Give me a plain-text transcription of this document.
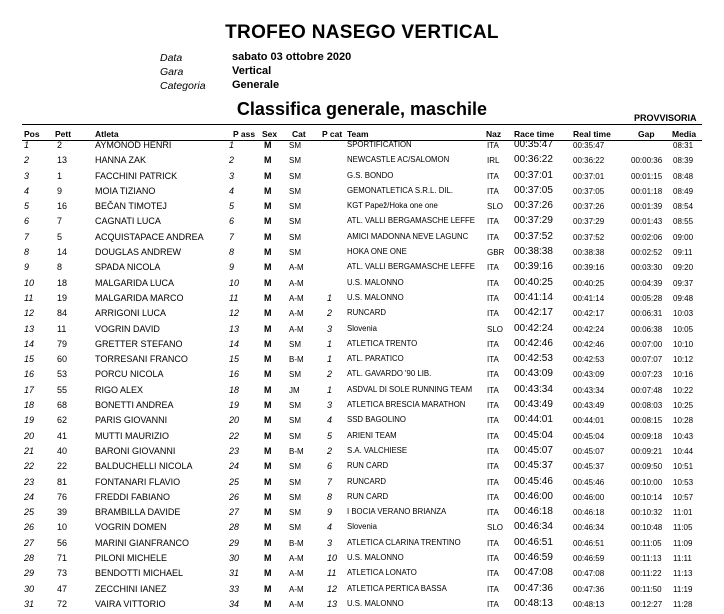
TROFEO NASEGO VERTICAL
Data	sabato 03 ottobre 2020
Gara	Vertical
Categoria Generale
Classifica generale, maschile	PROVVISORIA
Pos Pett	Atleta	P ass Sex Cat P cat Team	Naz Race time Real time	Gap Media
1	2	AYMONOD HENRI	1	M SM	SPORTIFICATION	ITA 00:35:47	00:35:47	08:31
2	13	HANNA ZAK	2	M SM	NEWCASTLE AC/SALOMON	IRL 00:36:22	00:36:22	00:00:36 08:39
3	1	FACCHINI PATRICK	3	M SM	G.S. BONDO	ITA 00:37:01	00:37:01	00:01:15 08:48
4	9	MOIA TIZIANO	4	M SM	GEMONATLETICA S.R.L. DIL.	ITA 00:37:05	00:37:05	00:01:18 08:49
5	16	BEČAN TIMOTEJ	5	M SM	KGT Papež/Hoka one one	SLO 00:37:26	00:37:26	00:01:39 08:54
6	7	CAGNATI LUCA	6	M SM	ATL. VALLI BERGAMASCHE LEFFE	ITA 00:37:29	00:37:29	00:01:43 08:55
7	5	ACQUISTAPACE ANDREA	7	M SM	AMICI MADONNA NEVE LAGUNC	ITA 00:37:52	00:37:52	00:02:06 09:00
8	14	DOUGLAS ANDREW	8	M SM	HOKA ONE ONE	GBR 00:38:38	00:38:38	00:02:52 09:11
9	8	SPADA NICOLA	9	M A-M	ATL. VALLI BERGAMASCHE LEFFE	ITA 00:39:16	00:39:16	00:03:30 09:20
10	18	MALGARIDA LUCA	10	M A-M	U.S. MALONNO	ITA 00:40:25	00:40:25	00:04:39 09:37
11	19	MALGARIDA MARCO	11	M A-M	1 U.S. MALONNO	ITA 00:41:14	00:41:14	00:05:28 09:48
12	84	ARRIGONI LUCA	12	M A-M	2 RUNCARD	ITA 00:42:17	00:42:17	00:06:31 10:03
13	11	VOGRIN DAVID	13	M A-M	3 Slovenia	SLO 00:42:24	00:42:24	00:06:38 10:05
14	79	GRETTER STEFANO	14	M SM	1 ATLETICA TRENTO	ITA 00:42:46	00:42:46	00:07:00 10:10
15	60	TORRESANI FRANCO	15	M B-M	1 ATL. PARATICO	ITA 00:42:53	00:42:53	00:07:07 10:12
16	53	PORCU NICOLA	16	M SM	2 ATL. GAVARDO '90 LIB.	ITA 00:43:09	00:43:09	00:07:23 10:16
17	55	RIGO ALEX	18	M JM	1 ASDVAL DI SOLE RUNNING TEAM	ITA 00:43:34	00:43:34	00:07:48 10:22
18	68	BONETTI ANDREA	19	M SM	3 ATLETICA BRESCIA MARATHON	ITA 00:43:49	00:43:49	00:08:03 10:25
19	62	PARIS GIOVANNI	20	M SM	4 SSD BAGOLINO	ITA 00:44:01	00:44:01	00:08:15 10:28
20	41	MUTTI MAURIZIO	22	M SM	5 ARIENI TEAM	ITA 00:45:04	00:45:04	00:09:18 10:43
21	40	BARONI GIOVANNI	23	M B-M	2 S.A. VALCHIESE	ITA 00:45:07	00:45:07	00:09:21 10:44
22	22	BALDUCHELLI NICOLA	24	M SM	6 RUN CARD	ITA 00:45:37	00:45:37	00:09:50 10:51
23	81	FONTANARI FLAVIO	25	M SM	7 RUNCARD	ITA 00:45:46	00:45:46	00:10:00 10:53
24	76	FREDDI FABIANO	26	M SM	8 RUN CARD	ITA 00:46:00	00:46:00	00:10:14 10:57
25	39	BRAMBILLA DAVIDE	27	M SM	9 I BOCIA VERANO BRIANZA	ITA 00:46:18	00:46:18	00:10:32 11:01
26	10	VOGRIN DOMEN	28	M SM	4 Slovenia	SLO 00:46:34	00:46:34	00:10:48 11:05
27	56	MARINI GIANFRANCO	29	M B-M	3 ATLETICA CLARINA TRENTINO	ITA 00:46:51	00:46:51	00:11:05 11:09
28	71	PILONI MICHELE	30	M A-M	10 U.S. MALONNO	ITA 00:46:59	00:46:59	00:11:13 11:11
29	73	BENDOTTI MICHAEL	31	M A-M	11 ATLETICA LONATO	ITA 00:47:08	00:47:08	00:11:22 11:13
30	47	ZECCHINI IANEZ	33	M A-M	12 ATLETICA PERTICA BASSA	ITA 00:47:36	00:47:36	00:11:50 11:19
31	72	VAIRA VITTORIO	34	M A-M	13 U.S. MALONNO	ITA 00:48:13	00:48:13	00:12:27 11:28
